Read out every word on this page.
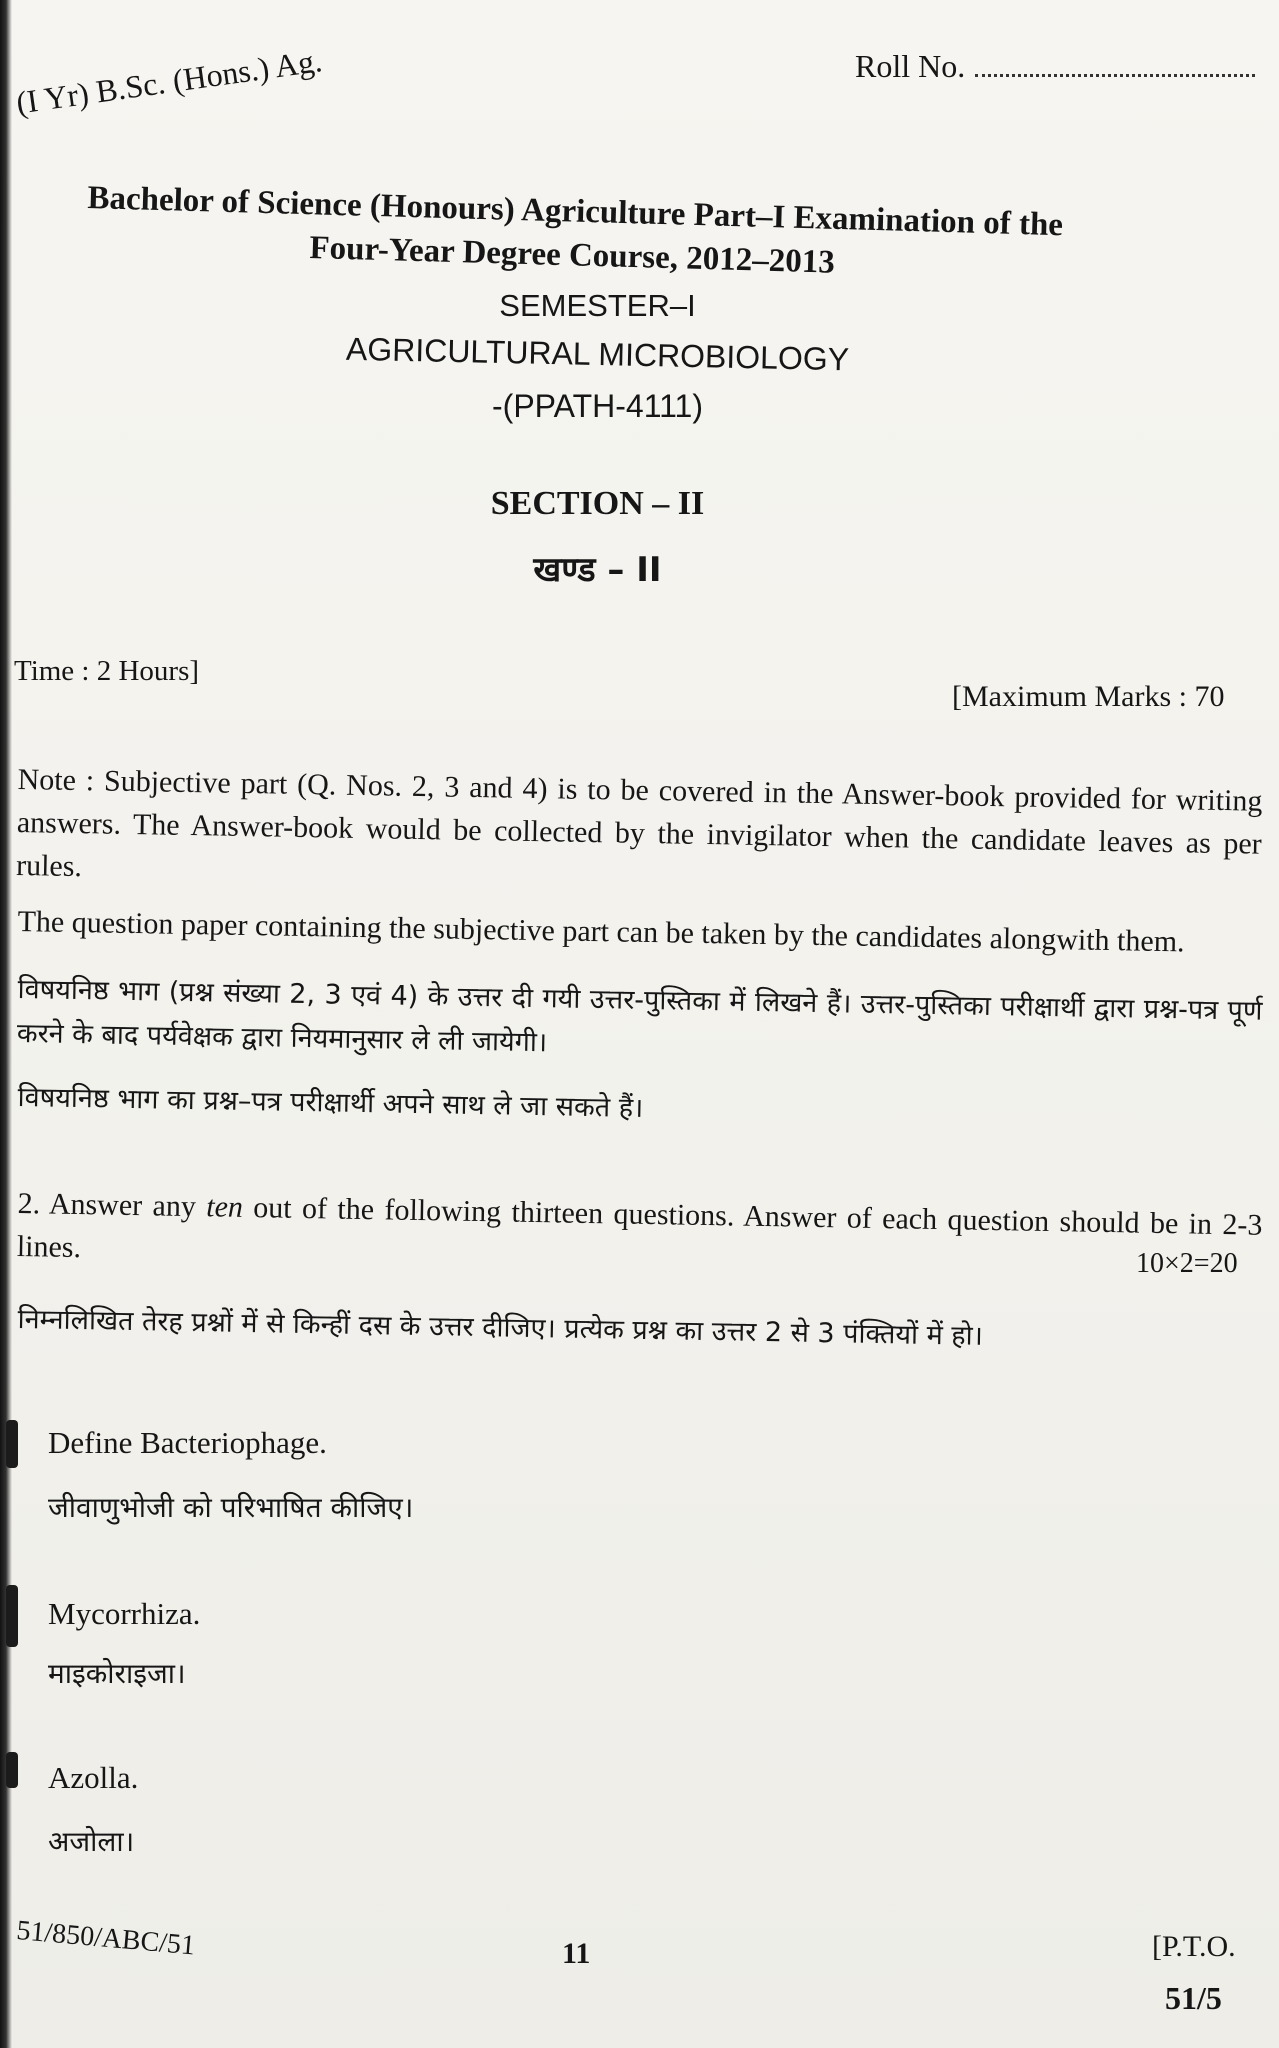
Roll No.
(I Yr) B.Sc. (Hons.) Ag.
Bachelor of Science (Honours) Agriculture Part–I Examination of the
Four-Year Degree Course, 2012–2013
SEMESTER–I
AGRICULTURAL MICROBIOLOGY
-(PPATH-4111)
SECTION – II
खण्ड – II
Time : 2 Hours]
[Maximum Marks : 70
Note : Subjective part (Q. Nos. 2, 3 and 4) is to be covered in the Answer-book provided for writing answers. The Answer-book would be collected by the invigilator when the candidate leaves as per rules.
The question paper containing the subjective part can be taken by the candidates alongwith them.
विषयनिष्ठ भाग (प्रश्न संख्या 2, 3 एवं 4) के उत्तर दी गयी उत्तर-पुस्तिका में लिखने हैं। उत्तर-पुस्तिका परीक्षार्थी द्वारा प्रश्न-पत्र पूर्ण करने के बाद पर्यवेक्षक द्वारा नियमानुसार ले ली जायेगी।
विषयनिष्ठ भाग का प्रश्न–पत्र परीक्षार्थी अपने साथ ले जा सकते हैं।
2. Answer any ten out of the following thirteen questions. Answer of each question should be in 2-3 lines.	10×2=20
निम्नलिखित तेरह प्रश्नों में से किन्हीं दस के उत्तर दीजिए। प्रत्येक प्रश्न का उत्तर 2 से 3 पंक्तियों में हो।
Define Bacteriophage.
जीवाणुभोजी को परिभाषित कीजिए।
Mycorrhiza.
माइकोराइजा।
Azolla.
अजोला।
51/850/ABC/51	11	[P.T.O.
51/5
